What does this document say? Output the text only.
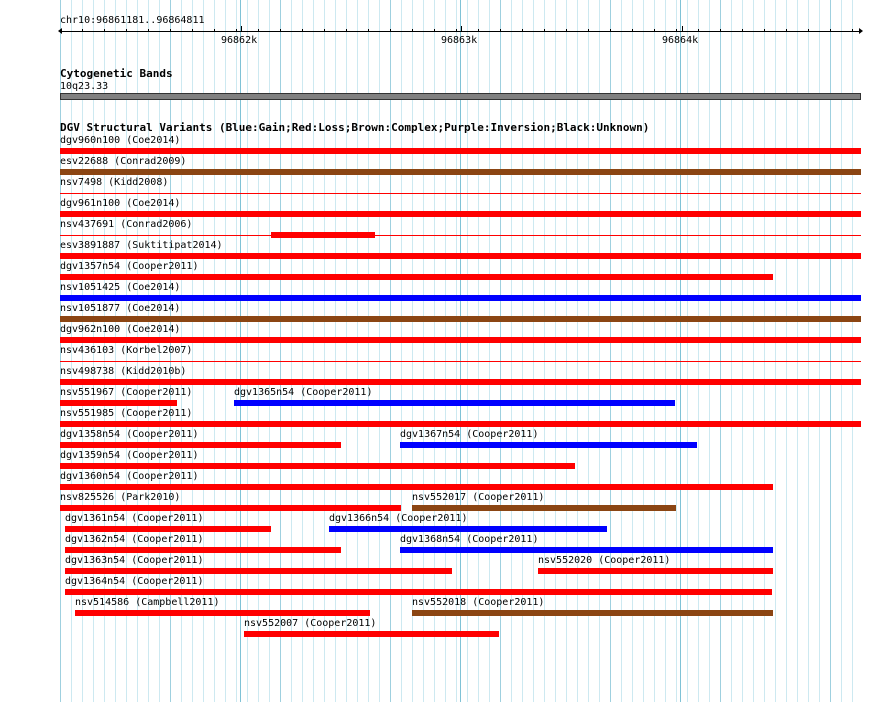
chr10:96861181..96864811
96862k	96863k	96864k
Cytogenetic Bands
10q23.33
DGV Structural Variants (Blue:Gain;Red:Loss;Brown:Complex;Purple:Inversion;Black:Unknown)
dgv960n100 (Coe2014)
esv22688 (Conrad2009)
nsv7498 (Kidd2008)
dgv961n100 (Coe2014)
nsv437691 (Conrad2006)
esv3891887 (Suktitipat2014)
dgv1357n54 (Cooper2011)
nsv1051425 (Coe2014)
nsv1051877 (Coe2014)
dgv962n100 (Coe2014)
nsv436103 (Korbel2007)
nsv498738 (Kidd2010b)
nsv551967 (Cooper2011)	dgv1365n54 (Cooper2011)
nsv551985 (Cooper2011)
dgv1358n54 (Cooper2011)	dgv1367n54 (Cooper2011)
dgv1359n54 (Cooper2011)
dgv1360n54 (Cooper2011)
nsv825526 (Park2010)	nsv552017 (Cooper2011)
dgv1361n54 (Cooper2011)	dgv1366n54 (Cooper2011)
dgv1362n54 (Cooper2011)	dgv1368n54 (Cooper2011)
dgv1363n54 (Cooper2011)	nsv552020 (Cooper2011)
dgv1364n54 (Cooper2011)
nsv514586 (Campbell2011)	nsv552018 (Cooper2011)
nsv552007 (Cooper2011)
